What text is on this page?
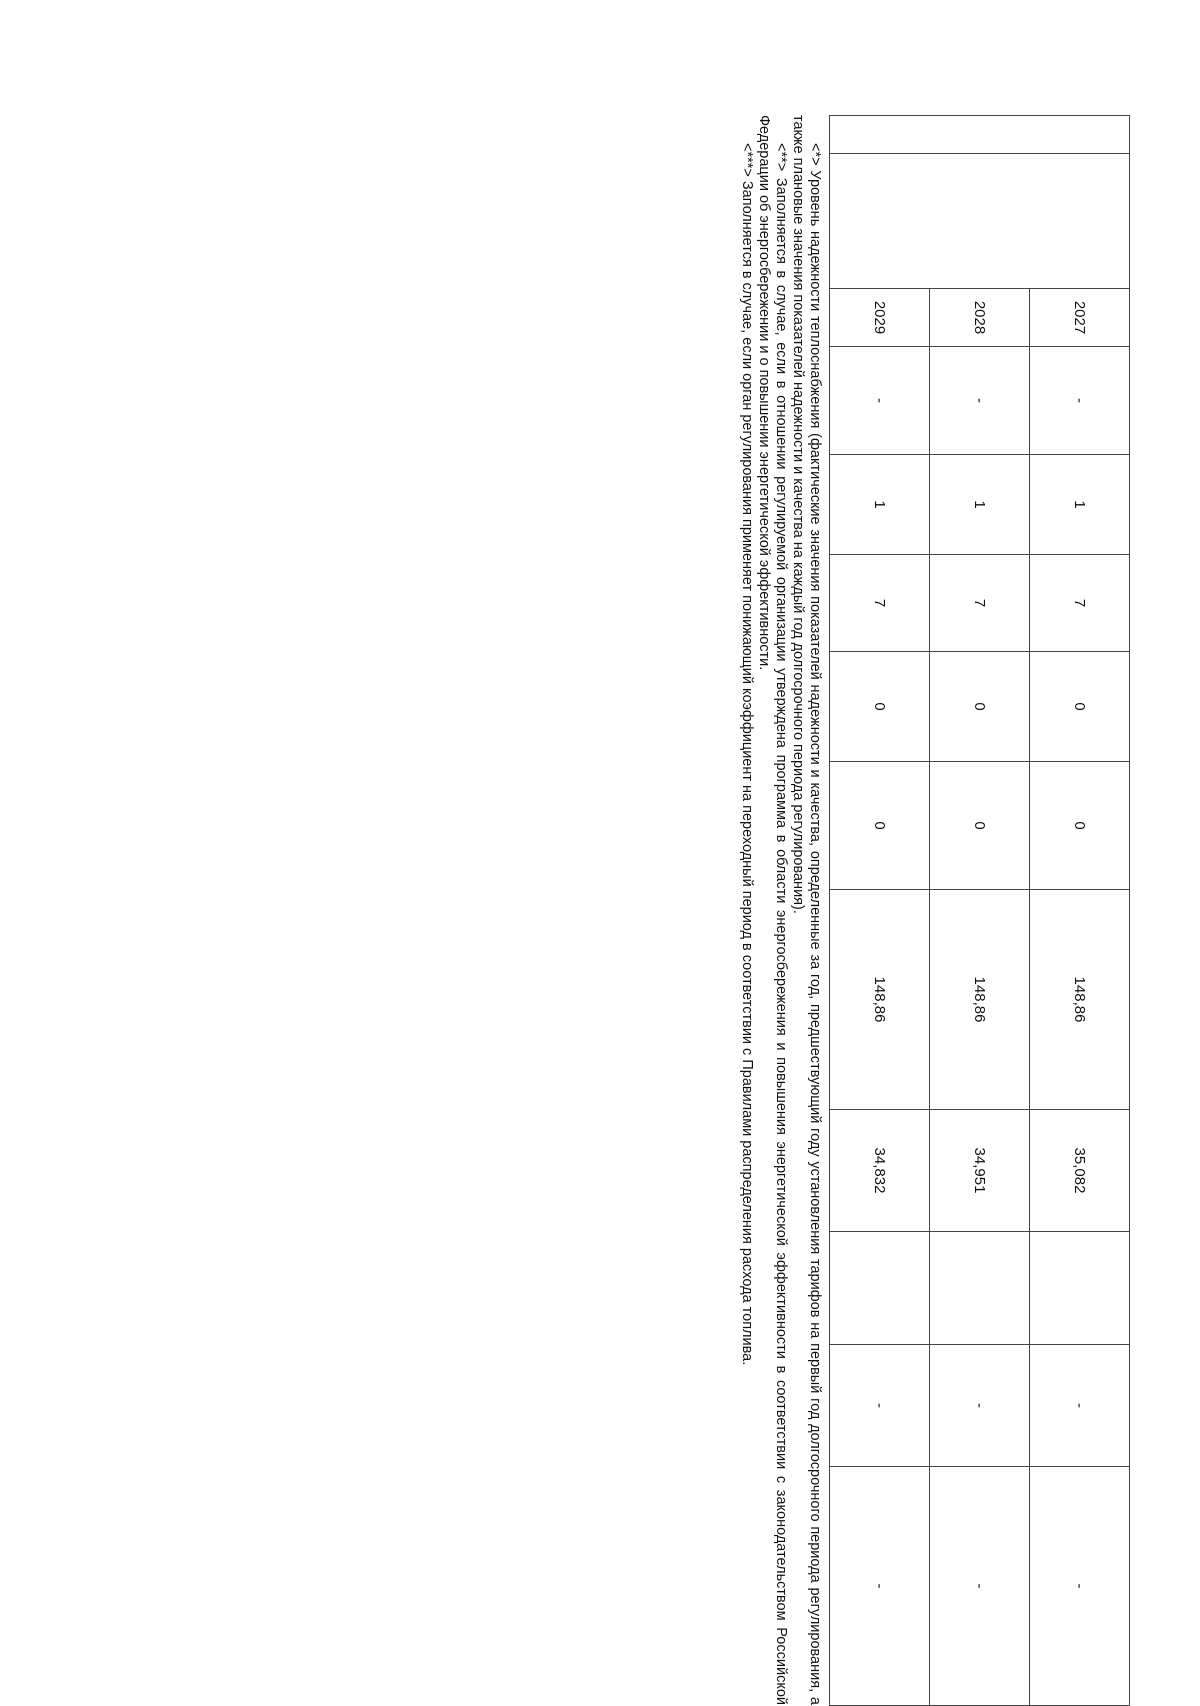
		2027	-	1	7	0	0	148,86	35,082		-	-
		2028	-	1	7	0	0	148,86	34,951		-	-
		2029	-	1	7	0	0	148,86	34,832		-	-

<*> Уровень надежности теплоснабжения (фактические значения показателей надежности и качества, определенные за год, предшествующий году установления тарифов на первый год долгосрочного периода регулирования, а также плановые значения показателей надежности и качества на каждый год долгосрочного периода регулирования).

<**> Заполняется в случае, если в отношении регулируемой организации утверждена программа в области энергосбережения и повышения энергетической эффективности в соответствии с законодательством Российской Федерации об энергосбережении и о повышении энергетической эффективности.

<***> Заполняется в случае, если орган регулирования применяет понижающий коэффициент на переходный период в соответствии с Правилами распределения расхода топлива.
